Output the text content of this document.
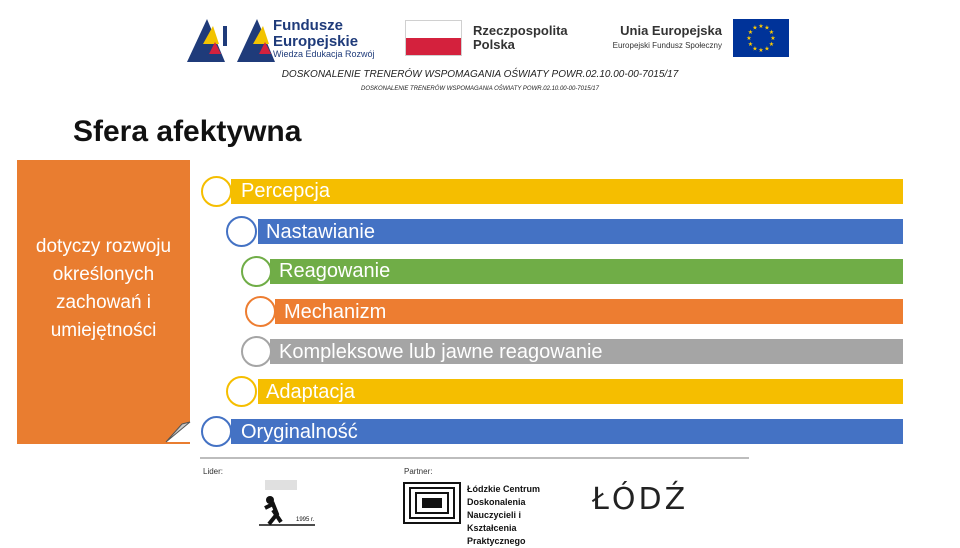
Fundusze Europejskie
Wiedza Edukacja Rozwój
Rzeczpospolita Polska
Unia Europejska
Europejski Fundusz Społeczny
★ ★
★
★
★
★
★
★
★
★
★
★
DOSKONALENIE TRENERÓW WSPOMAGANIA OŚWIATY POWR.02.10.00-00-7015/17
DOSKONALENIE TRENERÓW WSPOMAGANIA OŚWIATY POWR.02.10.00-00-7015/17
Sfera afektywna
dotyczy rozwoju określonych zachowań i umiejętności
Percepcja
Nastawianie
Reagowanie
Mechanizm
Kompleksowe lub jawne reagowanie
Adaptacja
Oryginalność
Lider:
1995 r.
Partner:
Łódzkie Centrum Doskonalenia Nauczycieli i Kształcenia Praktycznego
ŁÓDŹ
